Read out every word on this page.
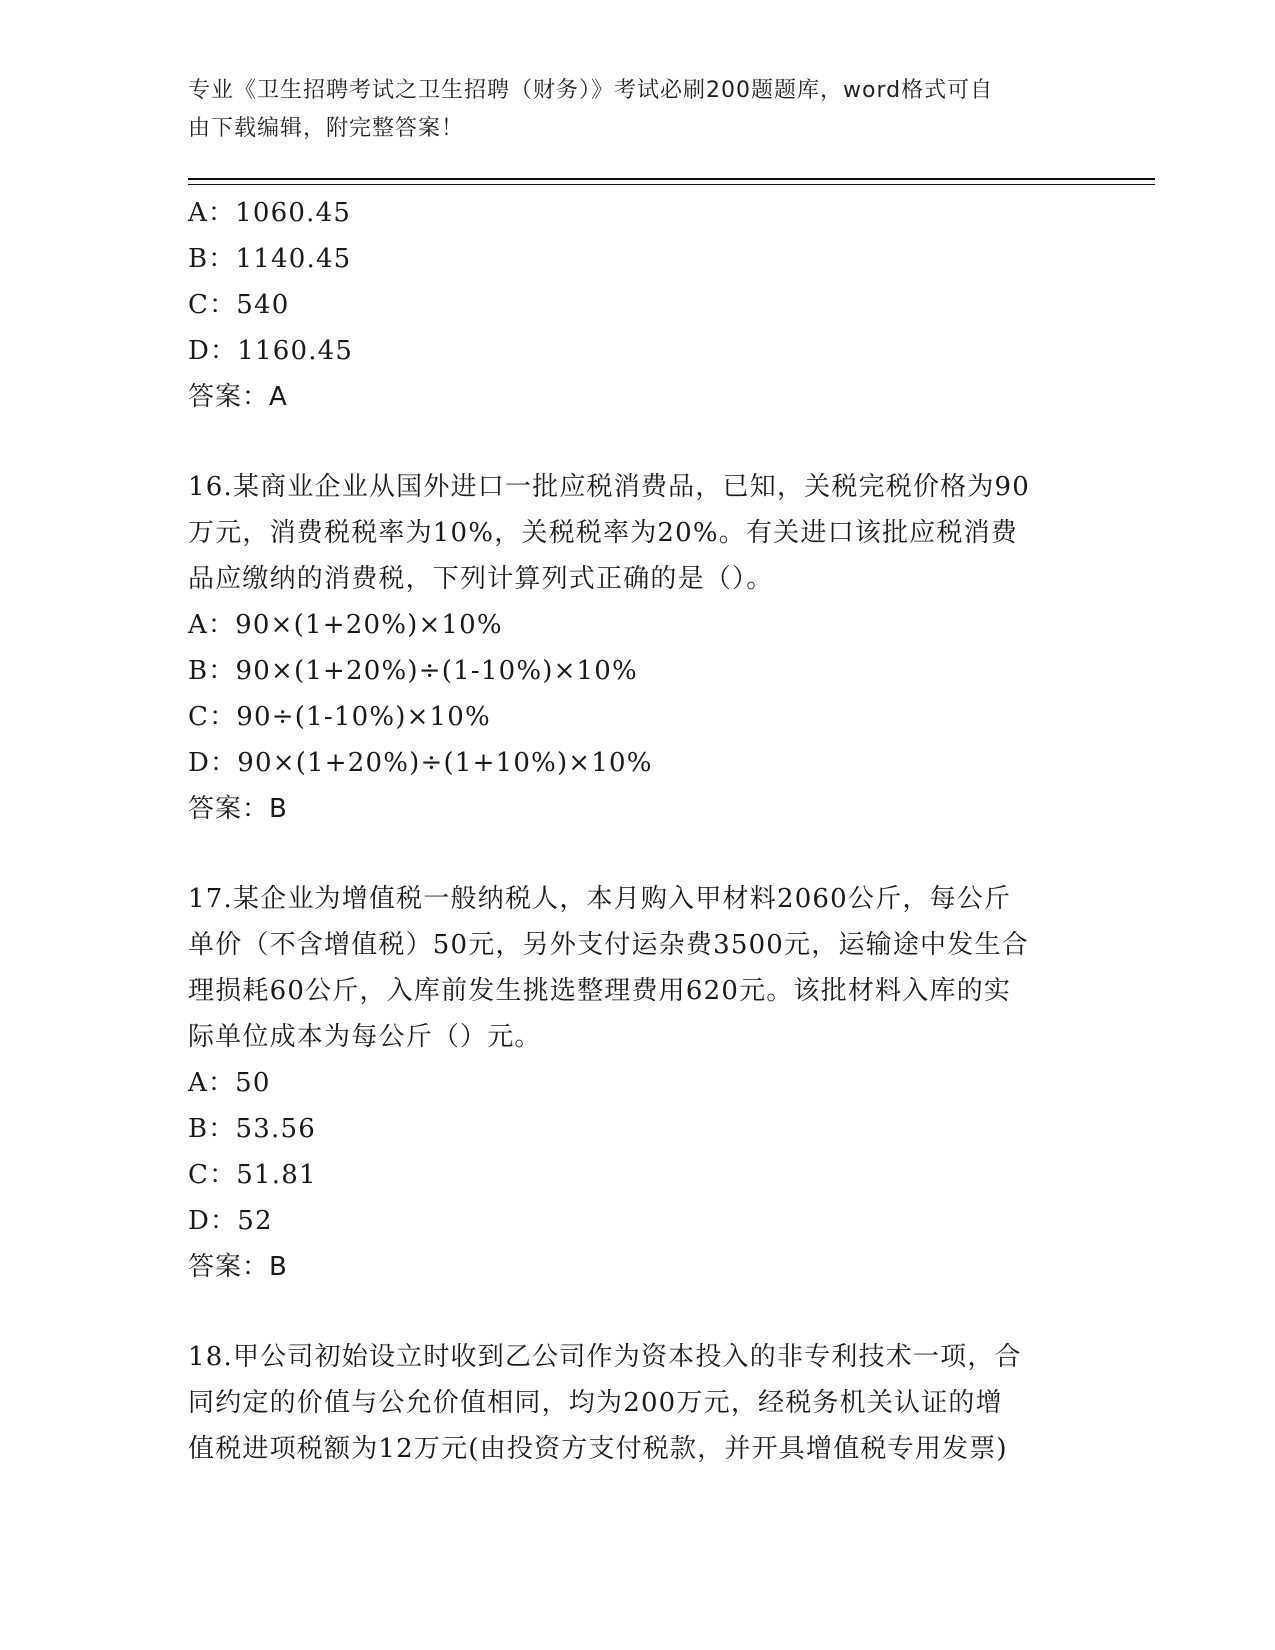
专业《卫生招聘考试之卫生招聘（财务）》考试必刷200题题库，word格式可自
由下载编辑，附完整答案！
A：1060.45
B：1140.45
C：540
D：1160.45
答案：A
16.某商业企业从国外进口一批应税消费品，已知，关税完税价格为90
万元，消费税税率为10%，关税税率为20%。有关进口该批应税消费
品应缴纳的消费税，下列计算列式正确的是（）。
A：90×(1+20%)×10%
B：90×(1+20%)÷(1-10%)×10%
C：90÷(1-10%)×10%
D：90×(1+20%)÷(1+10%)×10%
答案：B
17.某企业为增值税一般纳税人，本月购入甲材料2060公斤，每公斤
单价（不含增值税）50元，另外支付运杂费3500元，运输途中发生合
理损耗60公斤，入库前发生挑选整理费用620元。该批材料入库的实
际单位成本为每公斤（）元。
A：50
B：53.56
C：51.81
D：52
答案：B
18.甲公司初始设立时收到乙公司作为资本投入的非专利技术一项，合
同约定的价值与公允价值相同，均为200万元，经税务机关认证的增
值税进项税额为12万元(由投资方支付税款，并开具增值税专用发票)
